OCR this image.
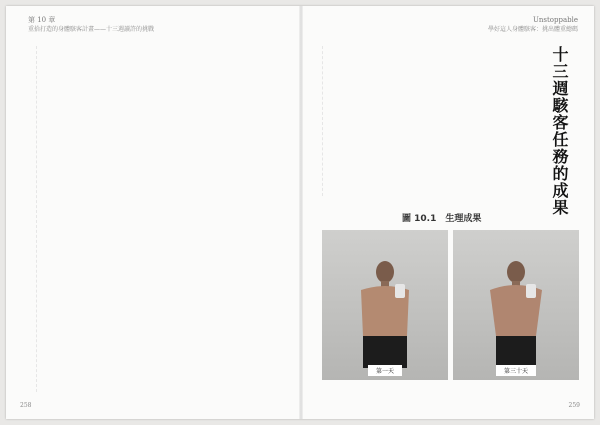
第 10 章
重拾打造的身體駭客計畫——十三週讀許的挑戰
258
Unstoppable
學好這人身體駭客：挑出體重總碼
十三週駭客任務的成果
圖 10.1　生理成果
第一天	第三十天
259
